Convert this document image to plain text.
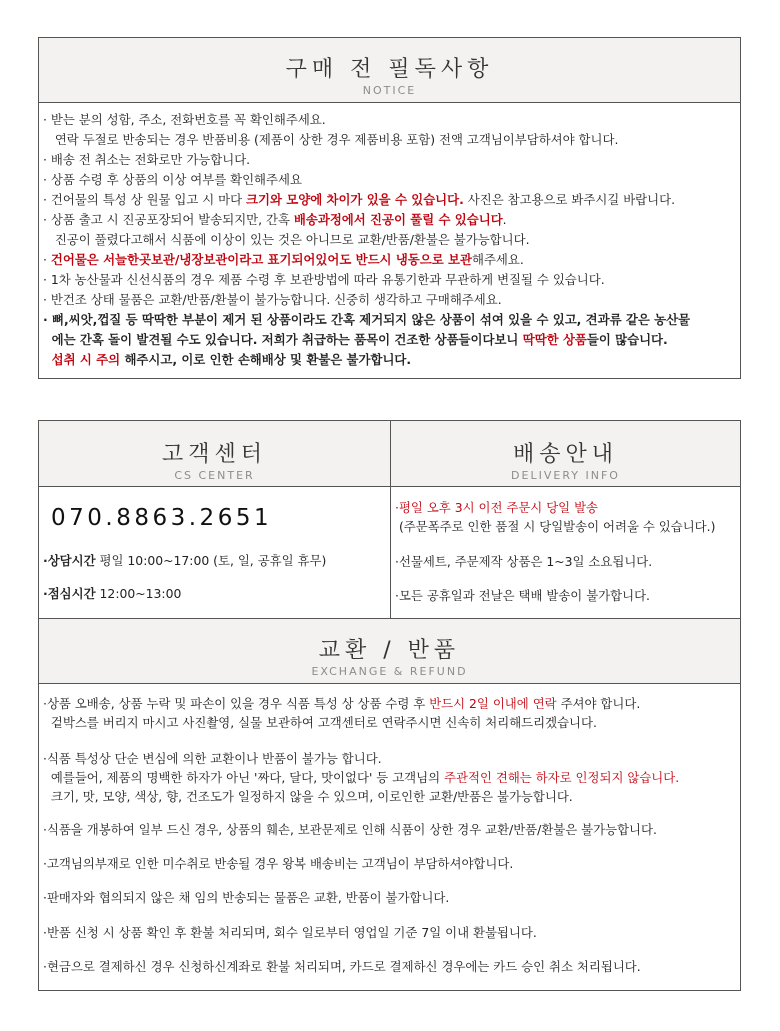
구매 전 필독사항
NOTICE
· 받는 분의 성함, 주소, 전화번호를 꼭 확인해주세요.
연락 두절로 반송되는 경우 반품비용 (제품이 상한 경우 제품비용 포함) 전액 고객님이부담하셔야 합니다.
· 배송 전 취소는 전화로만 가능합니다.
· 상품 수령 후 상품의 이상 여부를 확인해주세요
· 건어물의 특성 상 원물 입고 시 마다 크기와 모양에 차이가 있을 수 있습니다. 사진은 참고용으로 봐주시길 바랍니다.
· 상품 출고 시 진공포장되어 발송되지만, 간혹 배송과정에서 진공이 풀릴 수 있습니다.
진공이 풀렸다고해서 식품에 이상이 있는 것은 아니므로 교환/반품/환불은 불가능합니다.
· 건어물은 서늘한곳보관/냉장보관이라고 표기되어있어도 반드시 냉동으로 보관해주세요.
· 1차 농산물과 신선식품의 경우 제품 수령 후 보관방법에 따라 유통기한과 무관하게 변질될 수 있습니다.
· 반건조 상태 물품은 교환/반품/환불이 불가능합니다. 신중히 생각하고 구매해주세요.
· 뼈,씨앗,껍질 등 딱딱한 부분이 제거 된 상품이라도 간혹 제거되지 않은 상품이 섞여 있을 수 있고, 견과류 같은 농산물
에는 간혹 돌이 발견될 수도 있습니다. 저희가 취급하는 품목이 건조한 상품들이다보니 딱딱한 상품들이 많습니다.
섭취 시 주의 해주시고, 이로 인한 손해배상 및 환불은 불가합니다.
고객센터
CS CENTER
배송안내
DELIVERY INFO
070.8863.2651
·상담시간 평일 10:00~17:00 (토, 일, 공휴일 휴무)
·점심시간 12:00~13:00
·평일 오후 3시 이전 주문시 당일 발송
(주문폭주로 인한 품절 시 당일발송이 어려울 수 있습니다.)
·선물세트, 주문제작 상품은 1~3일 소요됩니다.
·모든 공휴일과 전날은 택배 발송이 불가합니다.
교환 / 반품
EXCHANGE & REFUND
·상품 오배송, 상품 누락 및 파손이 있을 경우 식품 특성 상 상품 수령 후 반드시 2일 이내에 연락 주셔야 합니다.
겉박스를 버리지 마시고 사진촬영, 실물 보관하여 고객센터로 연락주시면 신속히 처리해드리겠습니다.
·식품 특성상 단순 변심에 의한 교환이나 반품이 불가능 합니다.
예를들어, 제품의 명백한 하자가 아닌 '짜다, 달다, 맛이없다' 등 고객님의 주관적인 견해는 하자로 인정되지 않습니다.
크기, 맛, 모양, 색상, 향, 건조도가 일정하지 않을 수 있으며, 이로인한 교환/반품은 불가능합니다.
·식품을 개봉하여 일부 드신 경우, 상품의 훼손, 보관문제로 인해 식품이 상한 경우 교환/반품/환불은 불가능합니다.
·고객님의부재로 인한 미수취로 반송될 경우 왕복 배송비는 고객님이 부담하셔야합니다.
·판매자와 협의되지 않은 채 임의 반송되는 물품은 교환, 반품이 불가합니다.
·반품 신청 시 상품 확인 후 환불 처리되며, 회수 일로부터 영업일 기준 7일 이내 환불됩니다.
·현금으로 결제하신 경우 신청하신계좌로 환불 처리되며, 카드로 결제하신 경우에는 카드 승인 취소 처리됩니다.
